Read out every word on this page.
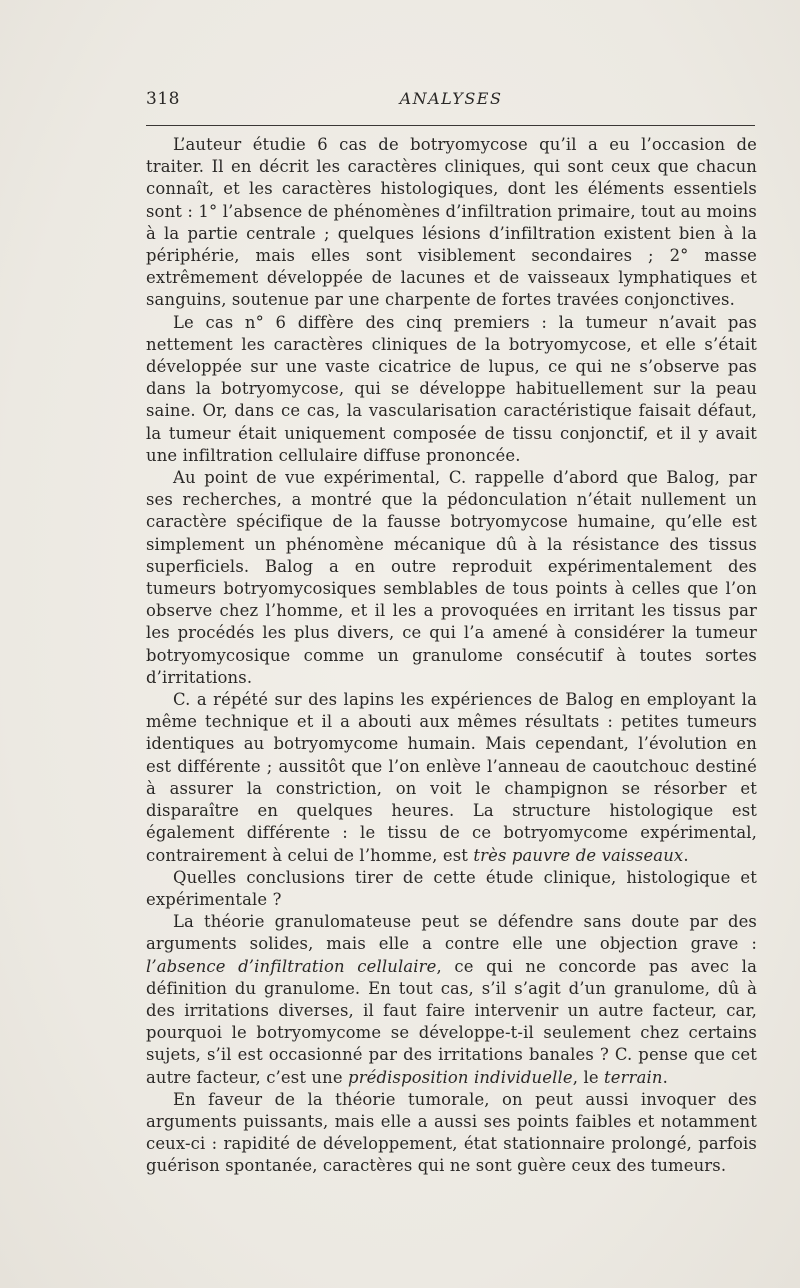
318	ANALYSES

L’auteur étudie 6 cas de botryomycose qu’il a eu l’occasion de traiter. Il en décrit les caractères cliniques, qui sont ceux que chacun connaît, et les caractères histologiques, dont les éléments essentiels sont : 1° l’absence de phénomènes d’infiltration primaire, tout au moins à la partie centrale ; quelques lésions d’infiltration existent bien à la périphérie, mais elles sont visiblement secondaires ; 2° masse extrêmement développée de lacunes et de vaisseaux lymphatiques et sanguins, soutenue par une charpente de fortes travées conjonctives.

Le cas n° 6 diffère des cinq premiers : la tumeur n’avait pas nettement les caractères cliniques de la botryomycose, et elle s’était développée sur une vaste cicatrice de lupus, ce qui ne s’observe pas dans la botryomycose, qui se développe habituellement sur la peau saine. Or, dans ce cas, la vascularisation caractéristique faisait défaut, la tumeur était uniquement composée de tissu conjonctif, et il y avait une infiltration cellulaire diffuse prononcée.

Au point de vue expérimental, C. rappelle d’abord que Balog, par ses recherches, a montré que la pédonculation n’était nullement un caractère spécifique de la fausse botryomycose humaine, qu’elle est simplement un phénomène mécanique dû à la résistance des tissus superficiels. Balog a en outre reproduit expérimentalement des tumeurs botryomycosiques semblables de tous points à celles que l’on observe chez l’homme, et il les a provoquées en irritant les tissus par les procédés les plus divers, ce qui l’a amené à considérer la tumeur botryomycosique comme un granulome consécutif à toutes sortes d’irritations.

C. a répété sur des lapins les expériences de Balog en employant la même technique et il a abouti aux mêmes résultats : petites tumeurs identiques au botryomycome humain. Mais cependant, l’évolution en est différente ; aussitôt que l’on enlève l’anneau de caoutchouc destiné à assurer la constriction, on voit le champignon se résorber et disparaître en quelques heures. La structure histologique est également différente : le tissu de ce botryomycome expérimental, contrairement à celui de l’homme, est très pauvre de vaisseaux.

Quelles conclusions tirer de cette étude clinique, histologique et expérimentale ?

La théorie granulomateuse peut se défendre sans doute par des arguments solides, mais elle a contre elle une objection grave : l’absence d’infiltration cellulaire, ce qui ne concorde pas avec la définition du granulome. En tout cas, s’il s’agit d’un granulome, dû à des irritations diverses, il faut faire intervenir un autre facteur, car, pourquoi le botryomycome se développe-t-il seulement chez certains sujets, s’il est occasionné par des irritations banales ? C. pense que cet autre facteur, c’est une prédisposition individuelle, le terrain.

En faveur de la théorie tumorale, on peut aussi invoquer des arguments puissants, mais elle a aussi ses points faibles et notamment ceux-ci : rapidité de développement, état stationnaire prolongé, parfois guérison spontanée, caractères qui ne sont guère ceux des tumeurs.
